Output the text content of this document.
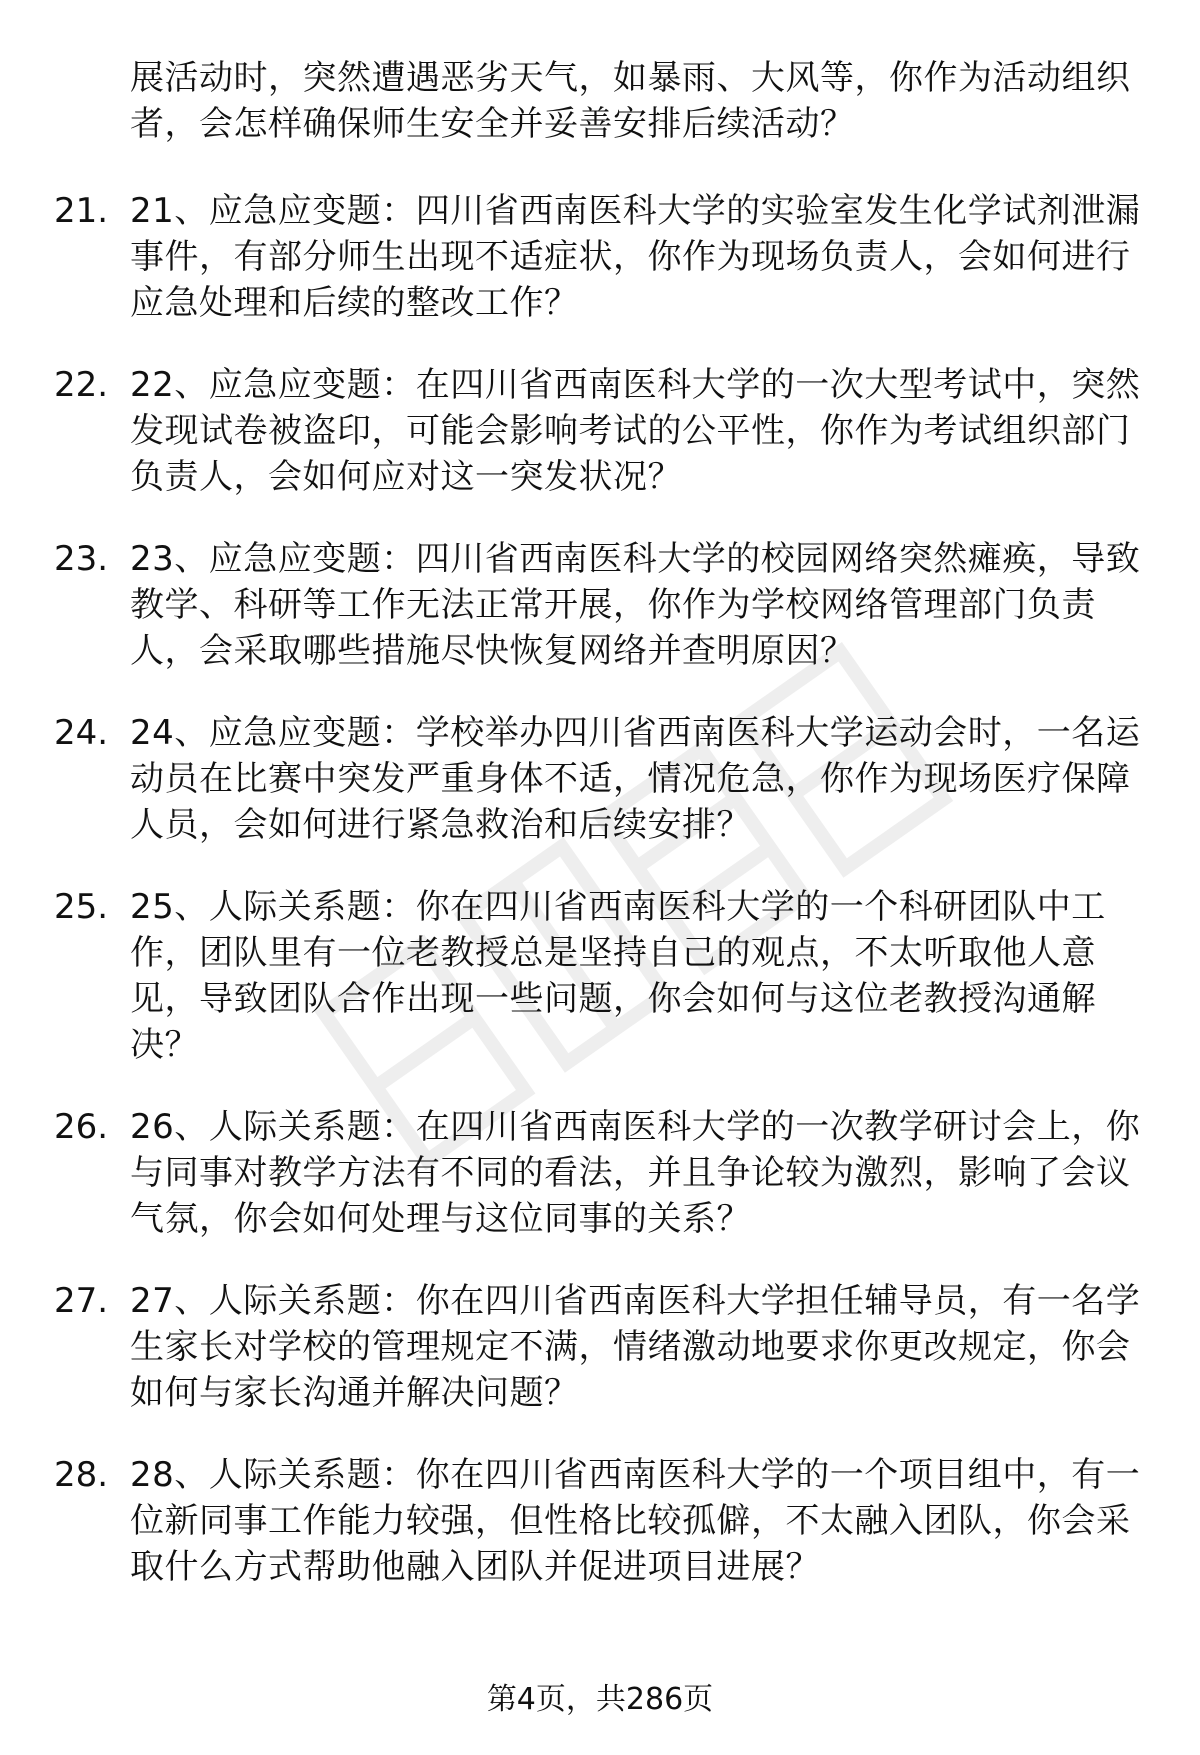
展活动时，突然遭遇恶劣天气，如暴雨、大风等，你作为活动组织者，会怎样确保师生安全并妥善安排后续活动？
21. 21、应急应变题：四川省西南医科大学的实验室发生化学试剂泄漏事件，有部分师生出现不适症状，你作为现场负责人，会如何进行应急处理和后续的整改工作？
22. 22、应急应变题：在四川省西南医科大学的一次大型考试中，突然发现试卷被盗印，可能会影响考试的公平性，你作为考试组织部门负责人，会如何应对这一突发状况？
23. 23、应急应变题：四川省西南医科大学的校园网络突然瘫痪，导致教学、科研等工作无法正常开展，你作为学校网络管理部门负责人，会采取哪些措施尽快恢复网络并查明原因？
24. 24、应急应变题：学校举办四川省西南医科大学运动会时，一名运动员在比赛中突发严重身体不适，情况危急，你作为现场医疗保障人员，会如何进行紧急救治和后续安排？
25. 25、人际关系题：你在四川省西南医科大学的一个科研团队中工作，团队里有一位老教授总是坚持自己的观点，不太听取他人意见，导致团队合作出现一些问题，你会如何与这位老教授沟通解决？
26. 26、人际关系题：在四川省西南医科大学的一次教学研讨会上，你与同事对教学方法有不同的看法，并且争论较为激烈，影响了会议气氛，你会如何处理与这位同事的关系？
27. 27、人际关系题：你在四川省西南医科大学担任辅导员，有一名学生家长对学校的管理规定不满，情绪激动地要求你更改规定，你会如何与家长沟通并解决问题？
28. 28、人际关系题：你在四川省西南医科大学的一个项目组中，有一位新同事工作能力较强，但性格比较孤僻，不太融入团队，你会采取什么方式帮助他融入团队并促进项目进展？
第4页，共286页
